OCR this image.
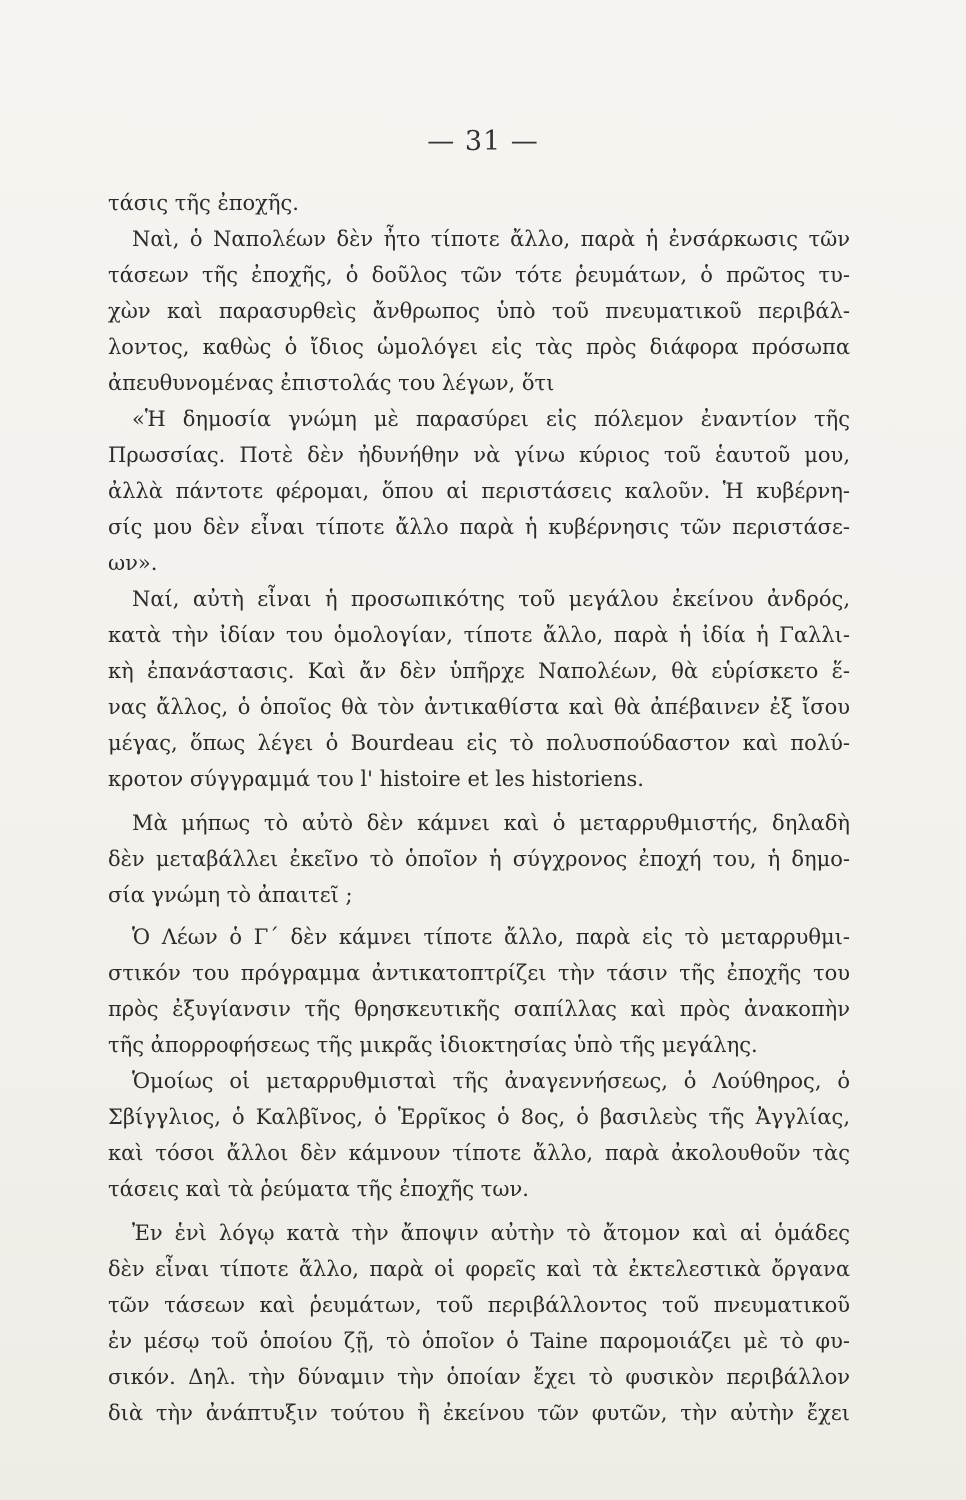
— 31 —
τάσις τῆς ἐποχῆς.
Ναὶ, ὁ Ναπολέων δὲν ἦτο τίποτε ἄλλο, παρὰ ἡ ἐνσάρκωσις τῶν
τάσεων τῆς ἐποχῆς, ὁ δοῦλος τῶν τότε ῥευμάτων, ὁ πρῶτος τυ-
χὼν καὶ παρασυρθεὶς ἄνθρωπος ὑπὸ τοῦ πνευματικοῦ περιβάλ-
λοντος, καθὼς ὁ ἴδιος ὡμολόγει εἰς τὰς πρὸς διάφορα πρόσωπα
ἀπευθυνομένας ἐπιστολάς του λέγων, ὅτι
«Ἡ δημοσία γνώμη μὲ παρασύρει εἰς πόλεμον ἐναντίον τῆς
Πρωσσίας. Ποτὲ δὲν ἠδυνήθην νὰ γίνω κύριος τοῦ ἑαυτοῦ μου,
ἀλλὰ πάντοτε φέρομαι, ὅπου αἱ περιστάσεις καλοῦν. Ἡ κυβέρνη-
σίς μου δὲν εἶναι τίποτε ἄλλο παρὰ ἡ κυβέρνησις τῶν περιστάσε-
ων».
Ναί, αὐτὴ εἶναι ἡ προσωπικότης τοῦ μεγάλου ἐκείνου ἀνδρός,
κατὰ τὴν ἰδίαν του ὁμολογίαν, τίποτε ἄλλο, παρὰ ἡ ἰδία ἡ Γαλλι-
κὴ ἐπανάστασις. Καὶ ἄν δὲν ὑπῆρχε Ναπολέων, θὰ εὑρίσκετο ἕ-
νας ἄλλος, ὁ ὁποῖος θὰ τὸν ἀντικαθίστα καὶ θὰ ἀπέβαινεν ἐξ ἴσου
μέγας, ὅπως λέγει ὁ Bourdeau εἰς τὸ πολυσπούδαστον καὶ πολύ-
κροτον σύγγραμμά του l' histoire et les historiens.
Μὰ μήπως τὸ αὐτὸ δὲν κάμνει καὶ ὁ μεταρρυθμιστής, δηλαδὴ
δὲν μεταβάλλει ἐκεῖνο τὸ ὁποῖον ἡ σύγχρονος ἐποχή του, ἡ δημο-
σία γνώμη τὸ ἀπαιτεῖ ;
Ὁ Λέων ὁ Γ΄ δὲν κάμνει τίποτε ἄλλο, παρὰ εἰς τὸ μεταρρυθμι-
στικόν του πρόγραμμα ἀντικατοπτρίζει τὴν τάσιν τῆς ἐποχῆς του
πρὸς ἐξυγίανσιν τῆς θρησκευτικῆς σαπίλλας καὶ πρὸς ἀνακοπὴν
τῆς ἀπορροφήσεως τῆς μικρᾶς ἰδιοκτησίας ὑπὸ τῆς μεγάλης.
Ὁμοίως οἱ μεταρρυθμισταὶ τῆς ἀναγεννήσεως, ὁ Λούθηρος, ὁ
Σβίγγλιος, ὁ Καλβῖνος, ὁ Ἑρρῖκος ὁ 8ος, ὁ βασιλεὺς τῆς Ἀγγλίας,
καὶ τόσοι ἄλλοι δὲν κάμνουν τίποτε ἄλλο, παρὰ ἀκολουθοῦν τὰς
τάσεις καὶ τὰ ῥεύματα τῆς ἐποχῆς των.
Ἐν ἑνὶ λόγῳ κατὰ τὴν ἄποψιν αὐτὴν τὸ ἄτομον καὶ αἱ ὁμάδες
δὲν εἶναι τίποτε ἄλλο, παρὰ οἱ φορεῖς καὶ τὰ ἐκτελεστικὰ ὄργανα
τῶν τάσεων καὶ ῥευμάτων, τοῦ περιβάλλοντος τοῦ πνευματικοῦ
ἐν μέσῳ τοῦ ὁποίου ζῇ, τὸ ὁποῖον ὁ Taine παρομοιάζει μὲ τὸ φυ-
σικόν. Δηλ. τὴν δύναμιν τὴν ὁποίαν ἔχει τὸ φυσικὸν περιβάλλον
διὰ τὴν ἀνάπτυξιν τούτου ἢ ἐκείνου τῶν φυτῶν, τὴν αὐτὴν ἔχει
